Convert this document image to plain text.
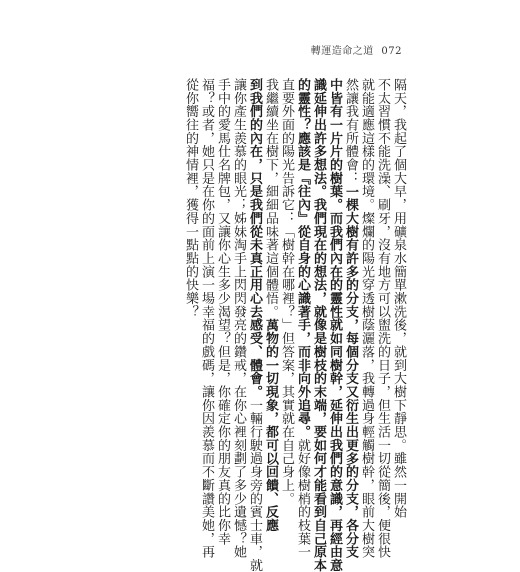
轉運造命之道 072
隔天，我起了個大早，用礦泉水簡單漱洗後，就到大樹下靜思。雖然一開始
不太習慣不能洗澡、刷牙，沒有地方可以盥洗的日子，但生活一切從簡後，便很快
就能適應這樣的環境。燦爛的陽光穿透樹蔭灑落，我轉過身輕觸樹幹，眼前大樹突
然讓我有所體會：一棵大樹有許多的分支，每個分支又衍生出更多的分支，各分支
中皆有一片片的樹葉。而我們內在的靈性就如同樹幹，延伸出我們的意識，再經由意
識延伸出許多想法。我們現在的想法，就像是樹枝的末端，要如何才能看到自己原本
的靈性？應該是『往內』從自身的心識著手，而非向外追尋。就好像樹梢的枝葉一
直要外面的陽光告訴它：「樹幹在哪裡？」但答案，其實就在自己身上。
我繼續坐在樹下，細細品味著這個體悟。萬物的一切現象，都可以回饋、反應
到我們的內在，只是我們從未真正用心去感受、體會。一輛行駛過身旁的賓士車，就
讓你產生羨慕的眼光；姊妹淘手上閃閃發亮的鑽戒，在你心裡刻劃了多少遺憾？她
手中的愛馬仕名牌包，又讓你心生多少渴望？但是，你確定你的朋友真的比你幸
福？或者，她只是在你的面前上演一場幸福的戲碼，讓你因羨慕而不斷讚美她，再
從你嚮往的神情裡，獲得一點點的快樂？
